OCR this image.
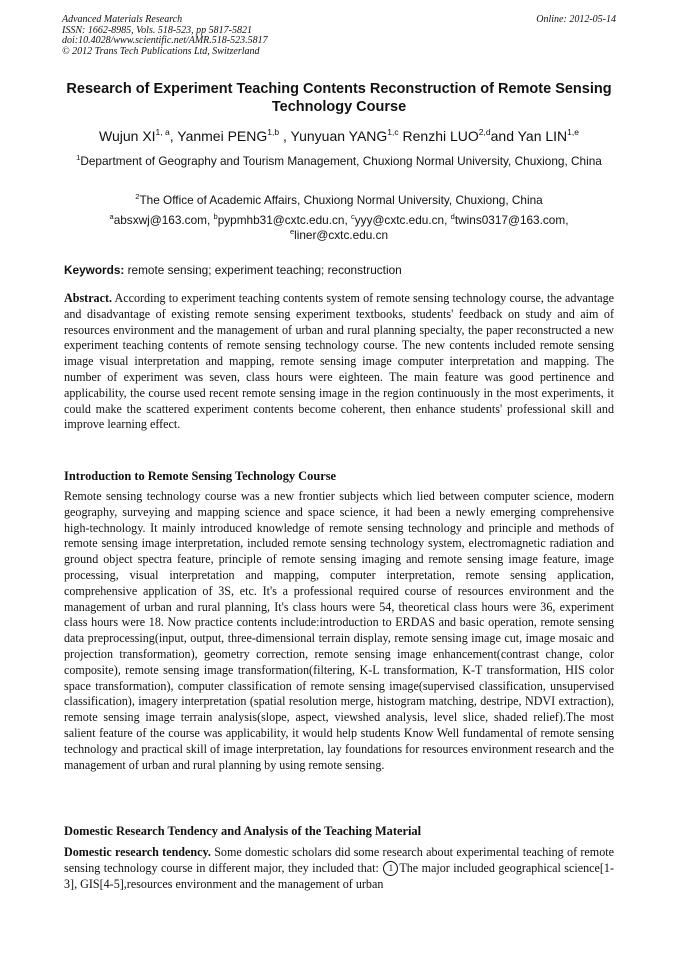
Advanced Materials Research
ISSN: 1662-8985, Vols. 518-523, pp 5817-5821
doi:10.4028/www.scientific.net/AMR.518-523.5817
© 2012 Trans Tech Publications Ltd, Switzerland
Online: 2012-05-14
Research of Experiment Teaching Contents Reconstruction of Remote Sensing Technology Course
Wujun XI$^{1, a}$, Yanmei PENG$^{1,b}$ , Yunyuan YANG$^{1,c}$ Renzhi LUO$^{2,d}$and Yan LIN$^{1,e}$
$^1$Department of Geography and Tourism Management, Chuxiong Normal University, Chuxiong, China
$^2$The Office of Academic Affairs, Chuxiong Normal University, Chuxiong, China
$^a$absxwj@163.com, $^b$pypmhb31@cxtc.edu.cn, $^c$yyy@cxtc.edu.cn, $^d$twins0317@163.com, $^e$liner@cxtc.edu.cn
Keywords: remote sensing; experiment teaching; reconstruction
Abstract. According to experiment teaching contents system of remote sensing technology course, the advantage and disadvantage of existing remote sensing experiment textbooks, students' feedback on study and aim of resources environment and the management of urban and rural planning specialty, the paper reconstructed a new experiment teaching contents of remote sensing technology course. The new contents included remote sensing image visual interpretation and mapping, remote sensing image computer interpretation and mapping. The number of experiment was seven, class hours were eighteen. The main feature was good pertinence and applicability, the course used recent remote sensing image in the region continuously in the most experiments, it could make the scattered experiment contents become coherent, then enhance students' professional skill and improve learning effect.
Introduction to Remote Sensing Technology Course
Remote sensing technology course was a new frontier subjects which lied between computer science, modern geography, surveying and mapping science and space science, it had been a newly emerging comprehensive high-technology. It mainly introduced knowledge of remote sensing technology and principle and methods of remote sensing image interpretation, included remote sensing technology system, electromagnetic radiation and ground object spectra feature, principle of remote sensing imaging and remote sensing image feature, image processing, visual interpretation and mapping, computer interpretation, remote sensing application, comprehensive application of 3S, etc. It's a professional required course of resources environment and the management of urban and rural planning, It's class hours were 54, theoretical class hours were 36, experiment class hours were 18. Now practice contents include:introduction to ERDAS and basic operation, remote sensing data preprocessing(input, output, three-dimensional terrain display, remote sensing image cut, image mosaic and projection transformation), geometry correction, remote sensing image enhancement(contrast change, color composite), remote sensing image transformation(filtering, K-L transformation, K-T transformation, HIS color space transformation), computer classification of remote sensing image(supervised classification, unsupervised classification), imagery interpretation (spatial resolution merge, histogram matching, destripe, NDVI extraction), remote sensing image terrain analysis(slope, aspect, viewshed analysis, level slice, shaded relief).The most salient feature of the course was applicability, it would help students Know Well fundamental of remote sensing technology and practical skill of image interpretation, lay foundations for resources environment research and the management of urban and rural planning by using remote sensing.
Domestic Research Tendency and Analysis of the Teaching Material
Domestic research tendency. Some domestic scholars did some research about experimental teaching of remote sensing technology course in different major, they included that: 1 The major included geographical science[1-3], GIS[4-5],resources environment and the management of urban
